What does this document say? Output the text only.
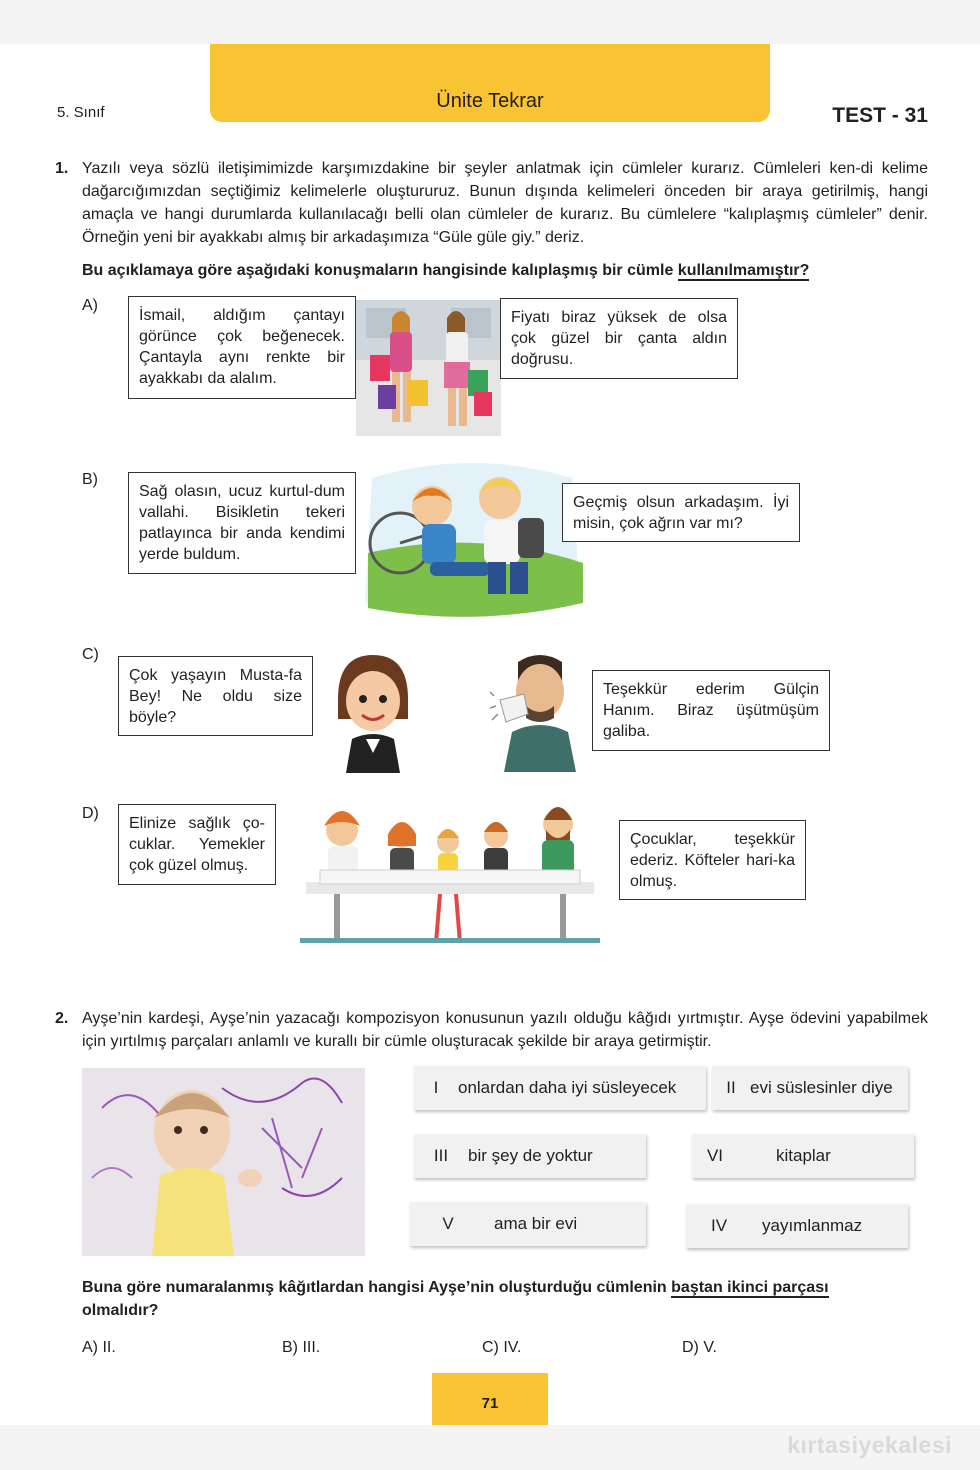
Ünite Tekrar
5. Sınıf	TEST - 31
1. Yazılı veya sözlü iletişimimizde karşımızdakine bir şeyler anlatmak için cümleler kurarız. Cümleleri ken-di kelime dağarcığımızdan seçtiğimiz kelimelerle oluştururuz. Bunun dışında kelimeleri önceden bir araya getirilmiş, hangi amaçla ve hangi durumlarda kullanılacağı belli olan cümleler de kurarız. Bu cümlelere “kalıplaşmış cümleler” denir. Örneğin yeni bir ayakkabı almış bir arkadaşımıza “Güle güle giy.” deriz.
Bu açıklamaya göre aşağıdaki konuşmaların hangisinde kalıplaşmış bir cümle kullanılmamıştır?
A)
İsmail, aldığım çantayı görünce çok beğenecek. Çantayla aynı renkte bir ayakkabı da alalım.
Fiyatı biraz yüksek de olsa çok güzel bir çanta aldın doğrusu.
B)
Sağ olasın, ucuz kurtul-dum vallahi. Bisikletin tekeri patlayınca bir anda kendimi yerde buldum.
Geçmiş olsun arkadaşım. İyi misin, çok ağrın var mı?
C)
Çok yaşayın Musta-fa Bey! Ne oldu size böyle?
Teşekkür ederim Gülçin Hanım. Biraz üşütmüşüm galiba.
D)
Elinize sağlık ço-cuklar. Yemekler çok güzel olmuş.
Çocuklar, teşekkür ederiz. Köfteler hari-ka olmuş.
2. Ayşe’nin kardeşi, Ayşe’nin yazacağı kompozisyon konusunun yazılı olduğu kâğıdı yırtmıştır. Ayşe ödevini yapabilmek için yırtılmış parçaları anlamlı ve kurallı bir cümle oluşturacak şekilde bir araya getirmiştir.
I	onlardan daha iyi süsleyecek	II evi süslesinler diye
III	bir şey de yoktur	VI	kitaplar
V	ama bir evi	IV	yayımlanmaz
Buna göre numaralanmış kâğıtlardan hangisi Ayşe’nin oluşturduğu cümlenin baştan ikinci parçası
olmalıdır?
A) II.	B) III.	C) IV.	D) V.
71
kırtasiyekalesi
